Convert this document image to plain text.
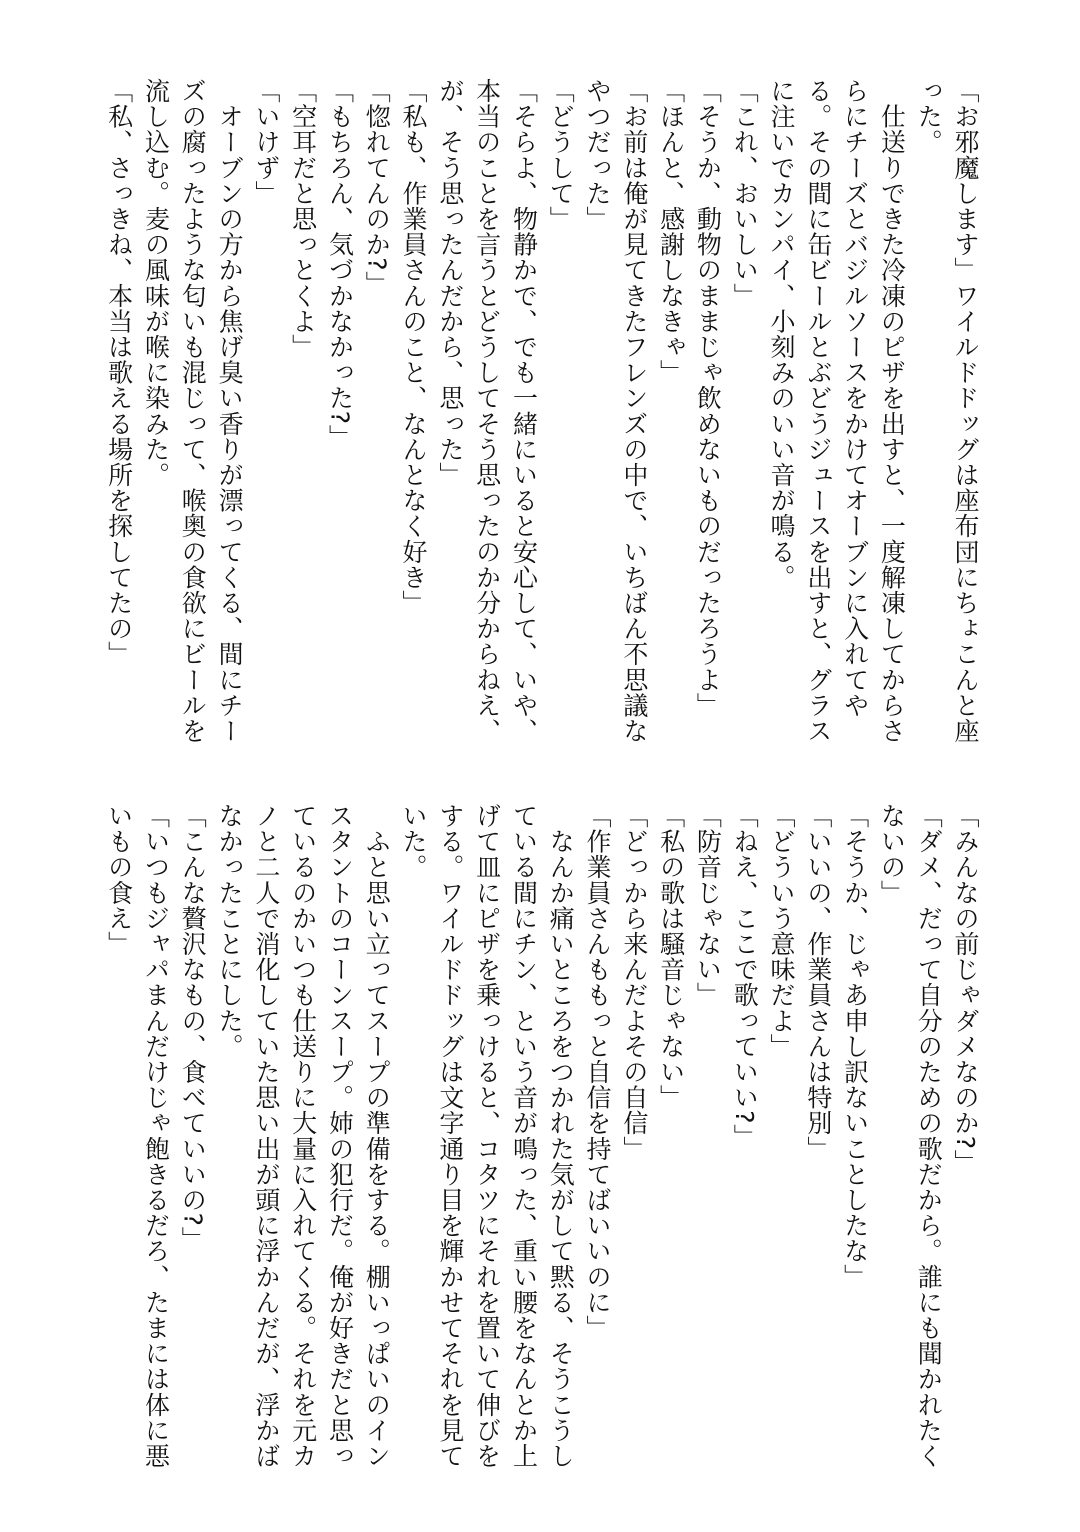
「お邪魔します」ワイルドドッグは座布団にちょこんと座
った。
　仕送りできた冷凍のピザを出すと、一度解凍してからさ
らにチーズとバジルソースをかけてオーブンに入れてや
る。その間に缶ビールとぶどうジュースを出すと、グラス
に注いでカンパイ、小刻みのいい音が鳴る。
「これ、おいしい」
「そうか、動物のままじゃ飲めないものだったろうよ」
「ほんと、感謝しなきゃ」
「お前は俺が見てきたフレンズの中で、いちばん不思議な
やつだった」
「どうして」
「そらよ、物静かで、でも一緒にいると安心して、いや、
本当のことを言うとどうしてそう思ったのか分からねえ、
が、そう思ったんだから、思った」
「私も、作業員さんのこと、なんとなく好き」
「惚れてんのか?」
「もちろん、気づかなかった?」
「空耳だと思っとくよ」
「いけず」
　オーブンの方から焦げ臭い香りが漂ってくる、間にチー
ズの腐ったような匂いも混じって、喉奥の食欲にビールを
流し込む。麦の風味が喉に染みた。
「私、さっきね、本当は歌える場所を探してたの」
「みんなの前じゃダメなのか?」
「ダメ、だって自分のための歌だから。誰にも聞かれたく
ないの」
「そうか、じゃあ申し訳ないことしたな」
「いいの、作業員さんは特別」
「どういう意味だよ」
「ねえ、ここで歌っていい?」
「防音じゃない」
「私の歌は騒音じゃない」
「どっから来んだよその自信」
「作業員さんももっと自信を持てばいいのに」
　なんか痛いところをつかれた気がして黙る、そうこうし
ている間にチン、という音が鳴った、重い腰をなんとか上
げて皿にピザを乗っけると、コタツにそれを置いて伸びを
する。ワイルドドッグは文字通り目を輝かせてそれを見て
いた。
　ふと思い立ってスープの準備をする。棚いっぱいのイン
スタントのコーンスープ。姉の犯行だ。俺が好きだと思っ
ているのかいつも仕送りに大量に入れてくる。それを元カ
ノと二人で消化していた思い出が頭に浮かんだが、浮かば
なかったことにした。
「こんな贅沢なもの、食べていいの?」
「いつもジャパまんだけじゃ飽きるだろ、たまには体に悪
いもの食え」
